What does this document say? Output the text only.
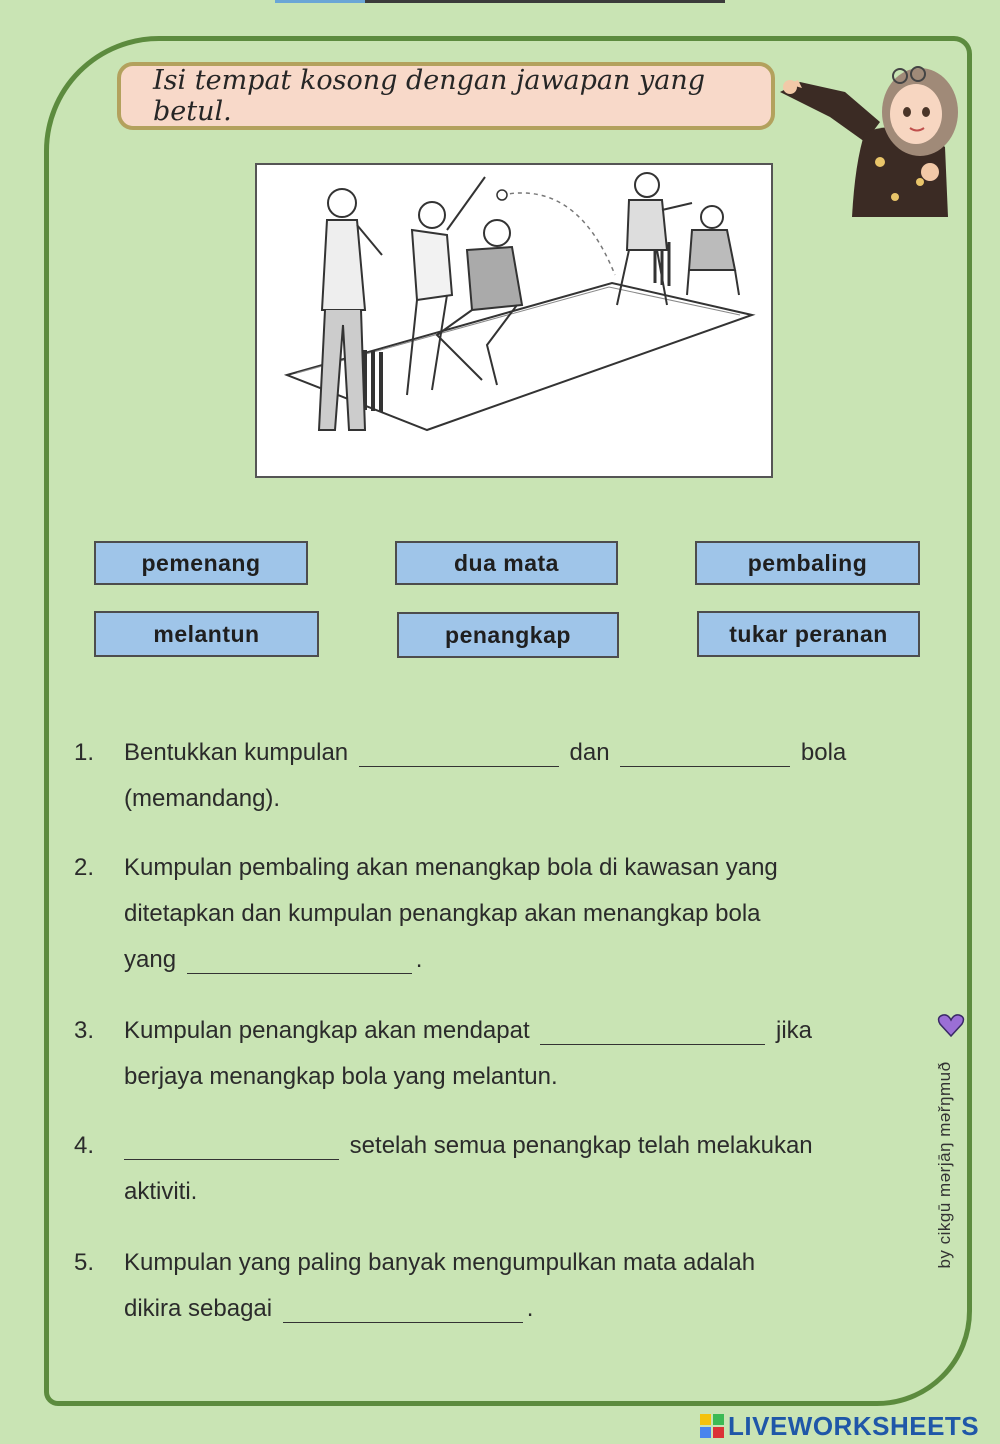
Isi tempat kosong dengan jawapan yang betul.
pemenang	dua mata	pembaling
melantun	penangkap	tukar peranan
1. Bentukkan kumpulan	dan	bola
(memandang).
2. Kumpulan pembaling akan menangkap bola di kawasan yang
ditetapkan dan kumpulan penangkap akan menangkap bola
yang	.
3. Kumpulan penangkap akan mendapat	jika
berjaya menangkap bola yang melantun.
4.	setelah semua penangkap telah melakukan
aktiviti.
5. Kumpulan yang paling banyak mengumpulkan mata adalah
dikira sebagai	.
by cikgū mərjāŋ məřŋmuð
LIVEWORKSHEETS
